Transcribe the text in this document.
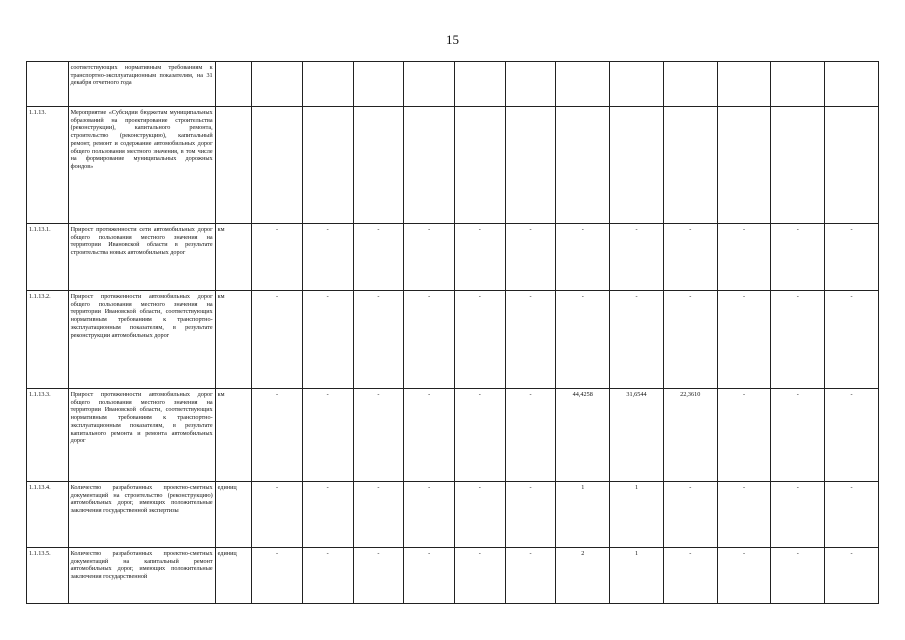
15
	соответствующих нормативным требованиям к транспортно-эксплуатационным показателям, на 31 декабря отчетного года													
1.1.13.	Мероприятие «Субсидии бюджетам муниципальных образований на проектирование строительства (реконструкции), капитального ремонта, строительство (реконструкцию), капитальный ремонт, ремонт и содержание автомобильных дорог общего пользования местного значения, в том числе на формирование муниципальных дорожных фондов»													
1.1.13.1.	Прирост протяженности сети автомобильных дорог общего пользования местного значения на территории Ивановской области в результате строительства новых автомобильных дорог	км	-	-	-	-	-	-	-	-	-	-	-	-
1.1.13.2.	Прирост протяженности автомобильных дорог общего пользования местного значения на территории Ивановской области, соответствующих нормативным требованиям к транспортно-эксплуатационным показателям, в результате реконструкции автомобильных дорог	км	-	-	-	-	-	-	-	-	-	-	-	-
1.1.13.3.	Прирост протяженности автомобильных дорог общего пользования местного значения на территории Ивановской области, соответствующих нормативным требованиям к транспортно-эксплуатационным показателям, в результате капитального ремонта и ремонта автомобильных дорог	км	-	-	-	-	-	-	44,4258	31,6544	22,3610	-	-	-
1.1.13.4.	Количество разработанных проектно-сметных документаций на строительство (реконструкцию) автомобильных дорог, имеющих положительные заключения государственной экспертизы	единиц	-	-	-	-	-	-	1	1	-	-	-	-
1.1.13.5.	Количество разработанных проектно-сметных документаций на капитальный ремонт автомобильных дорог, имеющих положительные заключения государственной	единиц	-	-	-	-	-	-	2	1	-	-	-	-
